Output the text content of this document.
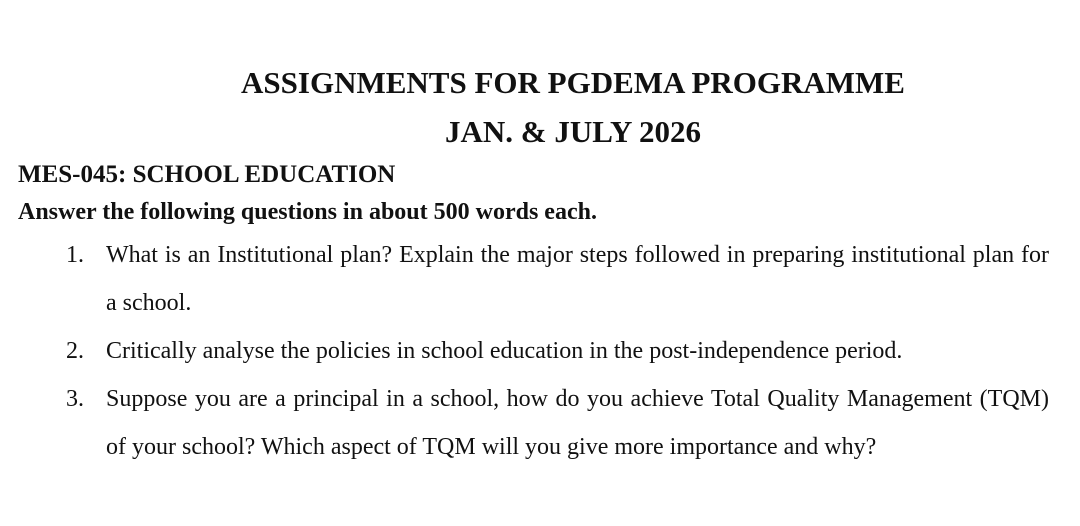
ASSIGNMENTS FOR PGDEMA PROGRAMME
JAN. & JULY 2026
MES-045: SCHOOL EDUCATION
Answer the following questions in about 500 words each.
1. What is an Institutional plan? Explain the major steps followed in preparing institutional plan for a school.
2. Critically analyse the policies in school education in the post-independence period.
3. Suppose you are a principal in a school, how do you achieve Total Quality Management (TQM) of your school? Which aspect of TQM will you give more importance and why?
